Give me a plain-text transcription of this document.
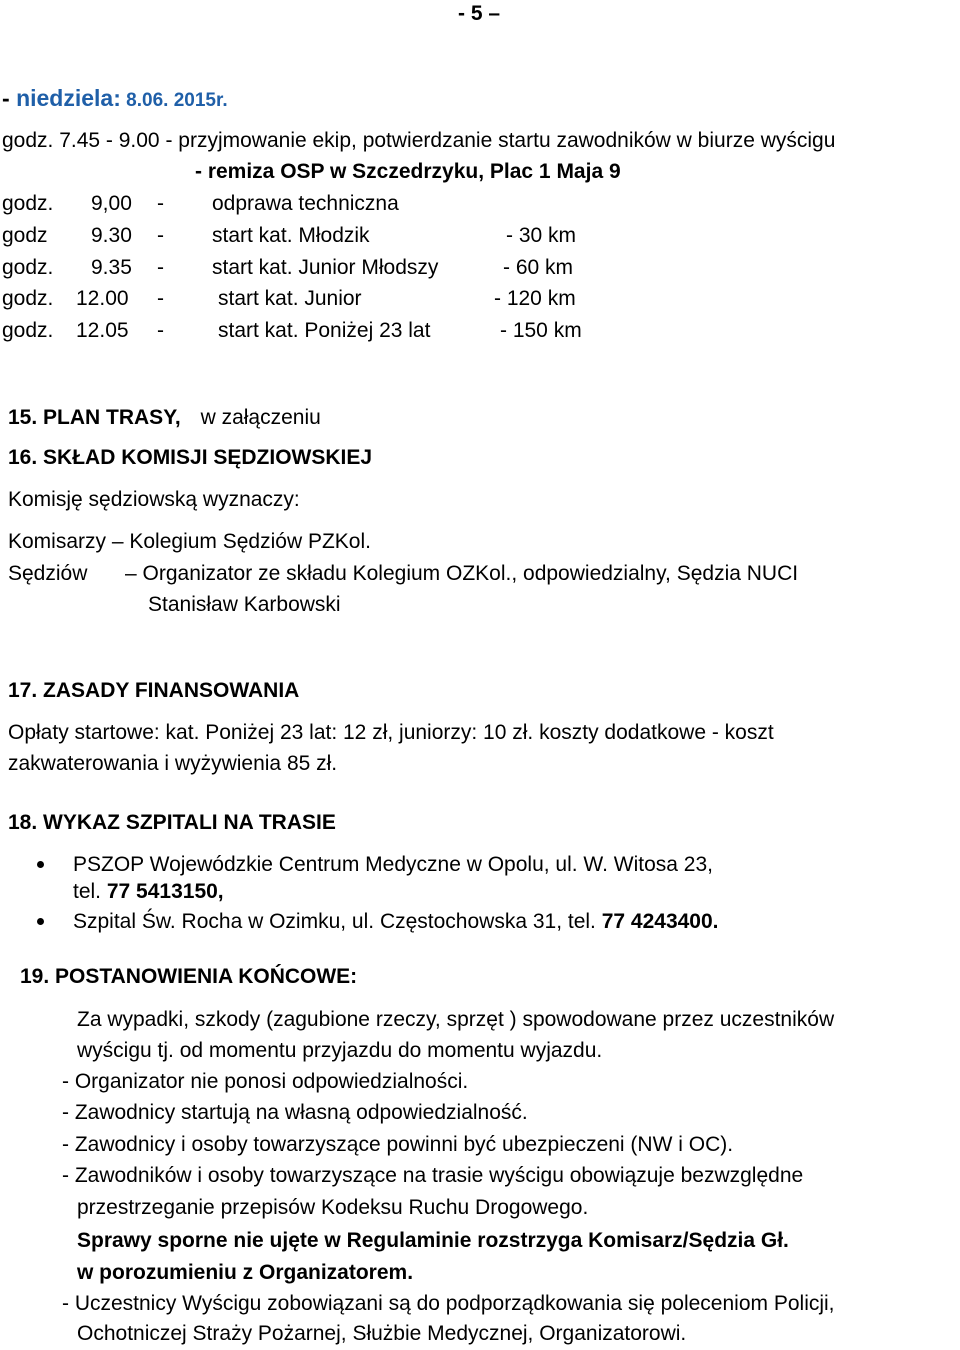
- 5 –
- niedziela: 8.06. 2015r.
godz. 7.45 - 9.00 - przyjmowanie ekip, potwierdzanie startu zawodników w biurze wyścigu
- remiza OSP w Szczedrzyku, Plac 1 Maja 9
godz. 9,00 - odprawa techniczna
godz 9.30 - start kat. Młodzik	- 30 km
godz. 9.35 - start kat. Junior Młodszy	- 60 km
godz. 12.00 -	start kat. Junior	- 120 km
godz. 12.05 -	start kat. Poniżej 23 lat	- 150 km
15. PLAN TRASY, w załączeniu
16. SKŁAD KOMISJI SĘDZIOWSKIEJ
Komisję sędziowską wyznaczy:
Komisarzy – Kolegium Sędziów PZKol.
Sędziów – Organizator ze składu Kolegium OZKol., odpowiedzialny, Sędzia NUCI
Stanisław Karbowski
17. ZASADY FINANSOWANIA
Opłaty startowe: kat. Poniżej 23 lat: 12 zł, juniorzy: 10 zł. koszty dodatkowe - koszt
zakwaterowania i wyżywienia 85 zł.
18. WYKAZ SZPITALI NA TRASIE
PSZOP Wojewódzkie Centrum Medyczne w Opolu, ul. W. Witosa 23,
tel. 77 5413150,
Szpital Św. Rocha w Ozimku, ul. Częstochowska 31, tel. 77 4243400.
19. POSTANOWIENIA KOŃCOWE:
Za wypadki, szkody (zagubione rzeczy, sprzęt ) spowodowane przez uczestników
wyścigu tj. od momentu przyjazdu do momentu wyjazdu.
- Organizator nie ponosi odpowiedzialności.
- Zawodnicy startują na własną odpowiedzialność.
- Zawodnicy i osoby towarzyszące powinni być ubezpieczeni (NW i OC).
- Zawodników i osoby towarzyszące na trasie wyścigu obowiązuje bezwzględne
przestrzeganie przepisów Kodeksu Ruchu Drogowego.
Sprawy sporne nie ujęte w Regulaminie rozstrzyga Komisarz/Sędzia Gł.
w porozumieniu z Organizatorem.
- Uczestnicy Wyścigu zobowiązani są do podporządkowania się poleceniom Policji,
Ochotniczej Straży Pożarnej, Służbie Medycznej, Organizatorowi.
